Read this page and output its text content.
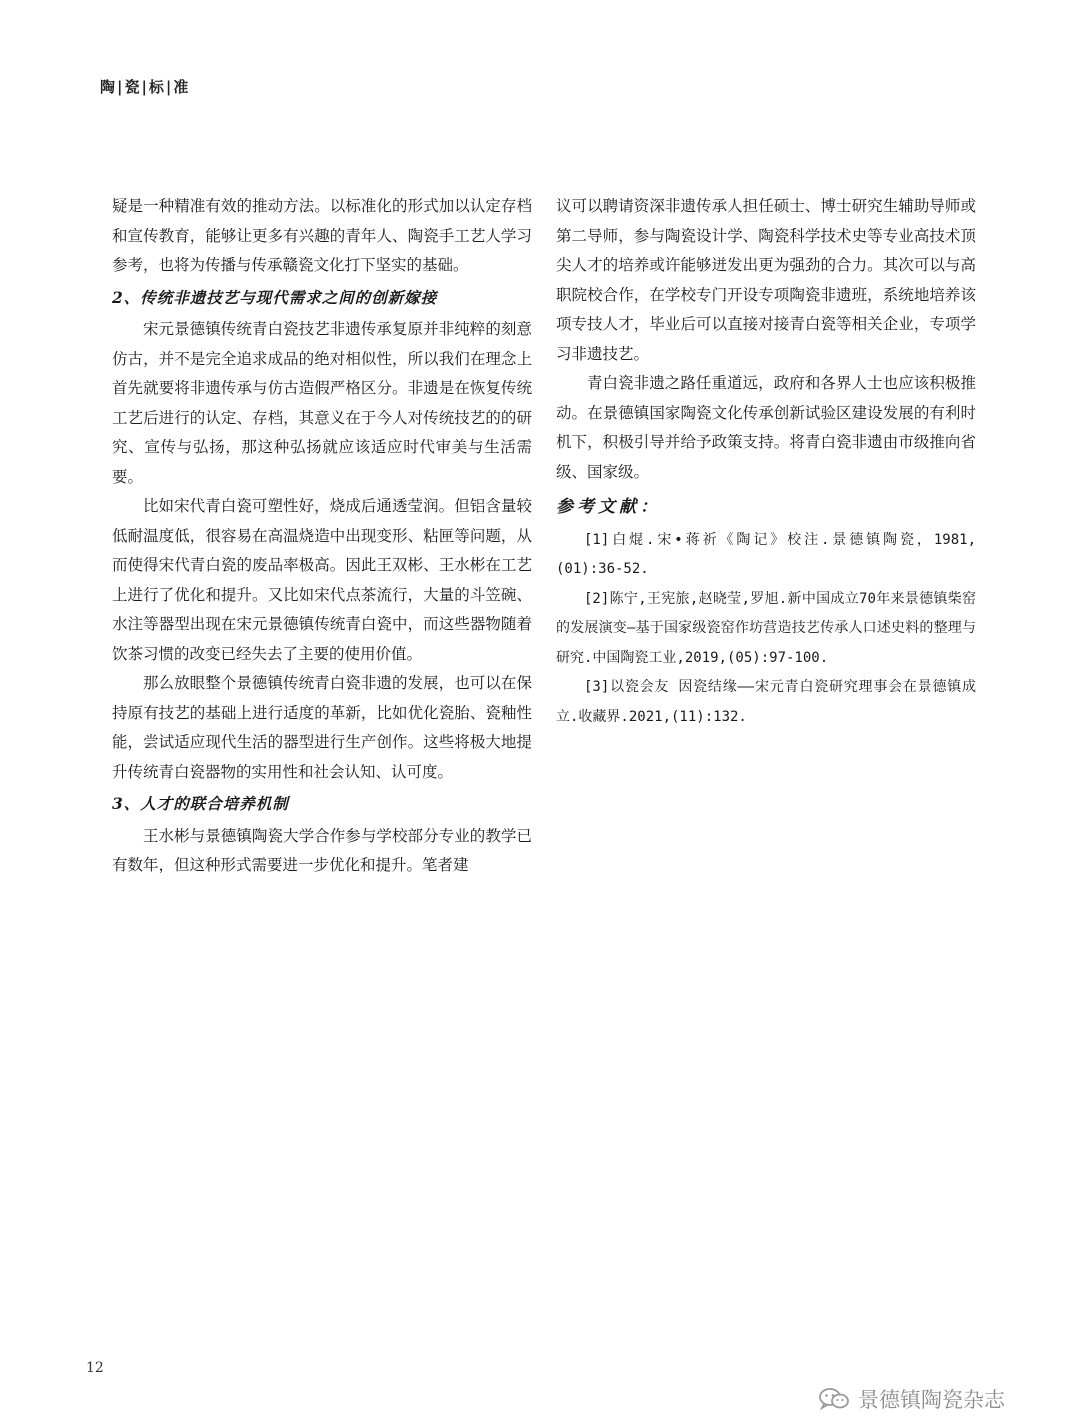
陶|瓷|标|准

疑是一种精准有效的推动方法。以标准化的形式加以认定存档和宣传教育，能够让更多有兴趣的青年人、陶瓷手工艺人学习参考，也将为传播与传承赣瓷文化打下坚实的基础。

2、传统非遗技艺与现代需求之间的创新嫁接

宋元景德镇传统青白瓷技艺非遗传承复原并非纯粹的刻意仿古，并不是完全追求成品的绝对相似性，所以我们在理念上首先就要将非遗传承与仿古造假严格区分。非遗是在恢复传统工艺后进行的认定、存档，其意义在于今人对传统技艺的的研究、宣传与弘扬，那这种弘扬就应该适应时代审美与生活需要。

比如宋代青白瓷可塑性好，烧成后通透莹润。但铝含量较低耐温度低，很容易在高温烧造中出现变形、粘匣等问题，从而使得宋代青白瓷的废品率极高。因此王双彬、王水彬在工艺上进行了优化和提升。又比如宋代点茶流行，大量的斗笠碗、水注等器型出现在宋元景德镇传统青白瓷中，而这些器物随着饮茶习惯的改变已经失去了主要的使用价值。

那么放眼整个景德镇传统青白瓷非遗的发展，也可以在保持原有技艺的基础上进行适度的革新，比如优化瓷胎、瓷釉性能，尝试适应现代生活的器型进行生产创作。这些将极大地提升传统青白瓷器物的实用性和社会认知、认可度。

3、人才的联合培养机制

王水彬与景德镇陶瓷大学合作参与学校部分专业的教学已有数年，但这种形式需要进一步优化和提升。笔者建

议可以聘请资深非遗传承人担任硕士、博士研究生辅助导师或第二导师，参与陶瓷设计学、陶瓷科学技术史等专业高技术顶尖人才的培养或许能够迸发出更为强劲的合力。其次可以与高职院校合作，在学校专门开设专项陶瓷非遗班，系统地培养该项专技人才，毕业后可以直接对接青白瓷等相关企业，专项学习非遗技艺。

青白瓷非遗之路任重道远，政府和各界人士也应该积极推动。在景德镇国家陶瓷文化传承创新试验区建设发展的有利时机下，积极引导并给予政策支持。将青白瓷非遗由市级推向省级、国家级。

参考文献：

[1]白焜.宋•蒋祈《陶记》校注.景德镇陶瓷，1981,(01):36-52.

[2]陈宁,王宪旅,赵晓莹,罗旭.新中国成立70年来景德镇柴窑的发展演变—基于国家级瓷窑作坊营造技艺传承人口述史料的整理与研究.中国陶瓷工业,2019,(05):97-100.

[3]以瓷会友 因瓷结缘——宋元青白瓷研究理事会在景德镇成立.收藏界.2021,(11):132.

12
景德镇陶瓷杂志
